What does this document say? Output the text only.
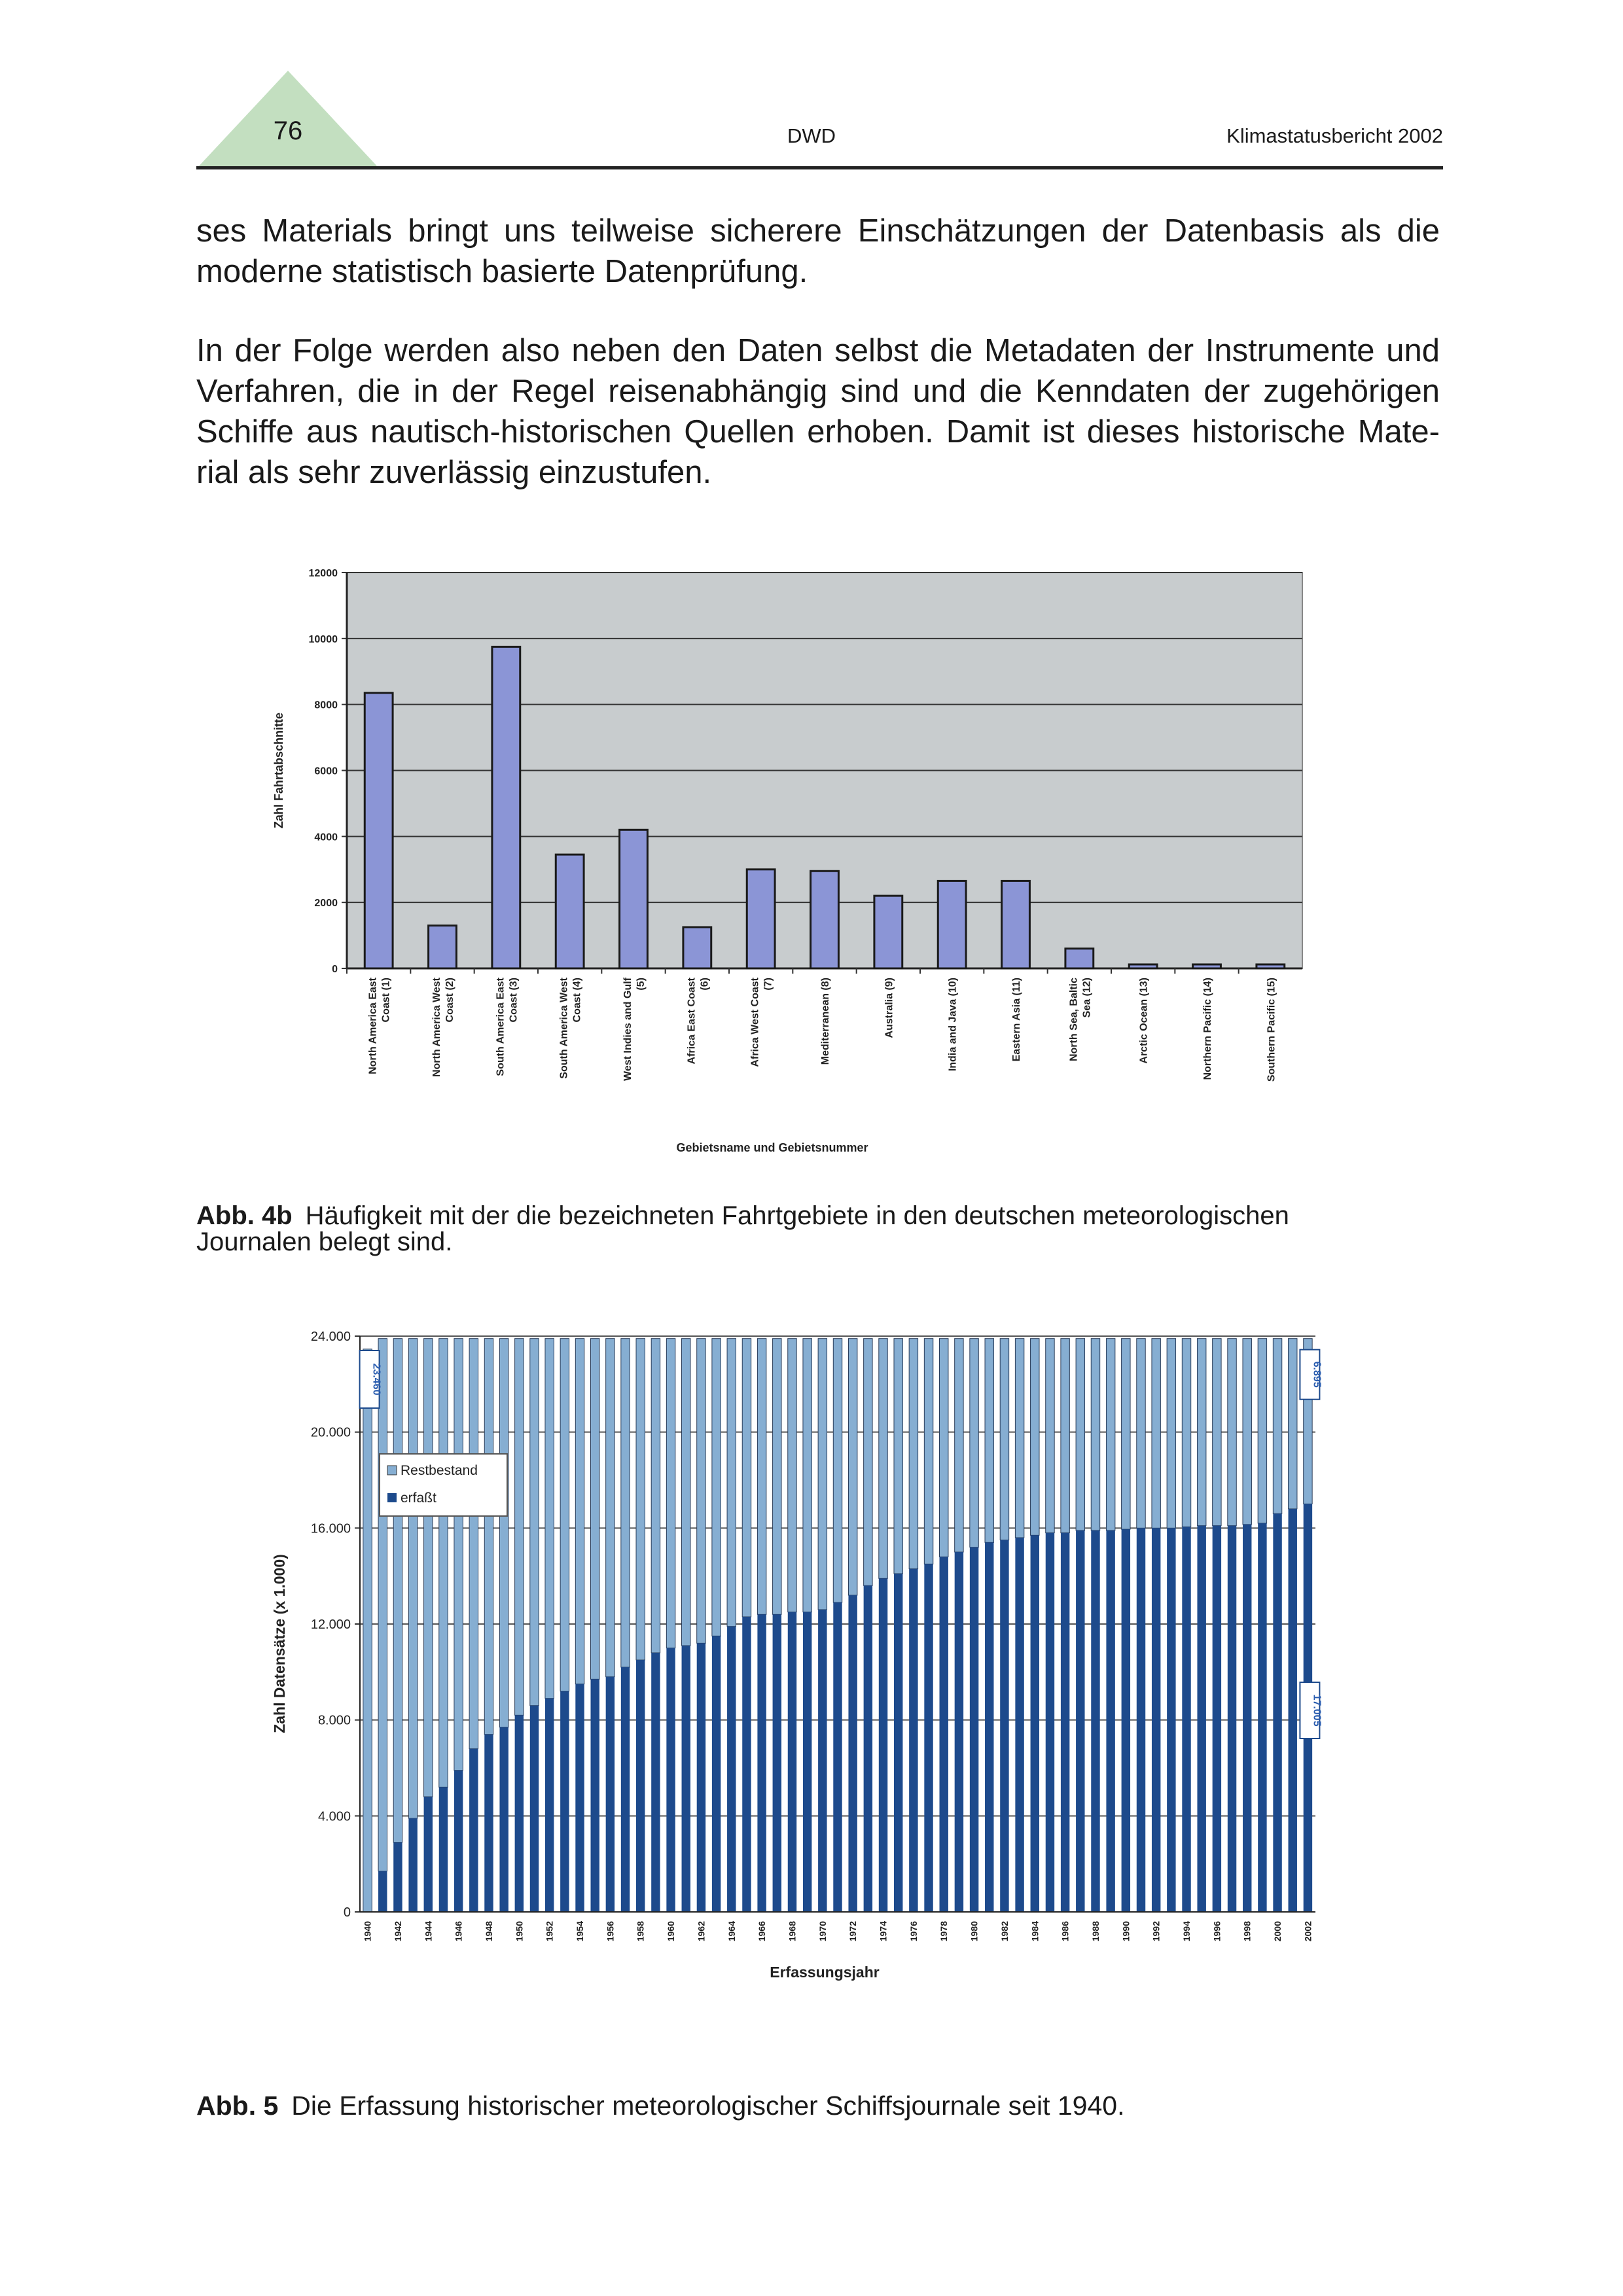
76	DWD	Klimastatusbericht 2002
ses Materials bringt uns teilweise sicherere Einschätzungen der Datenbasis als die
moderne statistisch basierte Datenprüfung.
In der Folge werden also neben den Daten selbst die Metadaten der Instrumente und
Verfahren, die in der Regel reisenabhängig sind und die Kenndaten der zugehörigen
Schiffe aus nautisch-historischen Quellen erhoben. Damit ist dieses historische Mate-
rial als sehr zuverlässig einzustufen.
0
2000
4000
6000
8000
10000
12000
North America East Coast (1)	North America West Coast (2)	South America East Coast (3)	South America West Coast (4)	West Indies and Gulf (5)	Africa East Coast (6)	Africa West Coast (7)	Mediterranean (8)	Australia (9)	India and Java (10)	Eastern Asia (11)	North Sea, Baltic Sea (12)	Arctic Ocean (13)	Northern Pacific (14)	Southern Pacific (15)
Gebietsname und Gebietsnummer
Zahl Fahrtabschnitte
Abb. 4b Häufigkeit mit der die bezeichneten Fahrtgebiete in den deutschen meteorologischen
Journalen belegt sind.
0
4.000
8.000
12.000
16.000
20.000
24.000
1940 1942 1944 1946 1948 1950 1952 1954 1956 1958 1960 1962 1964 1966 1968 1970 1972 1974 1976 1978 1980 1982 1984 1986 1988 1990 1992 1994 1996 1998 2000 2002
23.460	6.895
17.005
Restbestand
erfaßt
Erfassungsjahr
Zahl Datensätze (x 1.000)
Abb. 5 Die Erfassung historischer meteorologischer Schiffsjournale seit 1940.
